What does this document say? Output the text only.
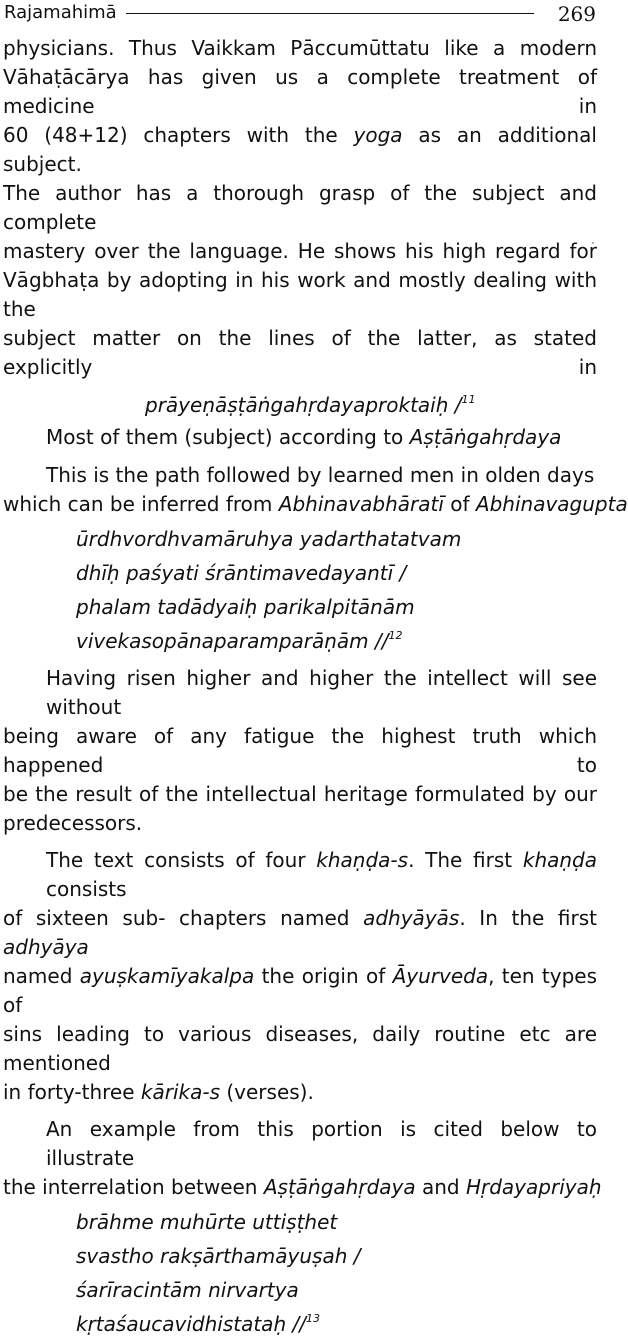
Rajamahimā	269
physicians. Thus Vaikkam Pāccumūttatu like a modern
Vāhaṭācārya has given us a complete treatment of medicine in
60 (48+12) chapters with the yoga as an additional subject.
The author has a thorough grasp of the subject and complete
mastery over the language. He shows his high regard for
Vāgbhaṭa by adopting in his work and mostly dealing with the
subject matter on the lines of the latter, as stated explicitly in
prāyeṇāṣṭāṅgahṛdayaproktaiḥ /$^{11}$
Most of them (subject) according to Aṣṭāṅgahṛdaya
This is the path followed by learned men in olden days
which can be inferred from Abhinavabhāratī of Abhinavagupta
ūrdhvordhvamāruhya yadarthatatvam
dhīḥ paśyati śrāntimavedayantī /
phalam tadādyaiḥ parikalpitānām
vivekasopānaparamparāṇām //$^{12}$
Having risen higher and higher the intellect will see without
being aware of any fatigue the highest truth which happened to
be the result of the intellectual heritage formulated by our
predecessors.
The text consists of four khaṇḍa-s. The first khaṇḍa consists
of sixteen sub- chapters named adhyāyās. In the first adhyāya
named ayuṣkamīyakalpa the origin of Āyurveda, ten types of
sins leading to various diseases, daily routine etc are mentioned
in forty-three kārika-s (verses).
An example from this portion is cited below to illustrate
the interrelation between Aṣṭāṅgahṛdaya and Hṛdayapriyaḥ
brāhme muhūrte uttiṣṭhet
svastho rakṣārthamāyuṣah /
śarīracintām nirvartya
kṛtaśaucavidhistataḥ //$^{13}$
